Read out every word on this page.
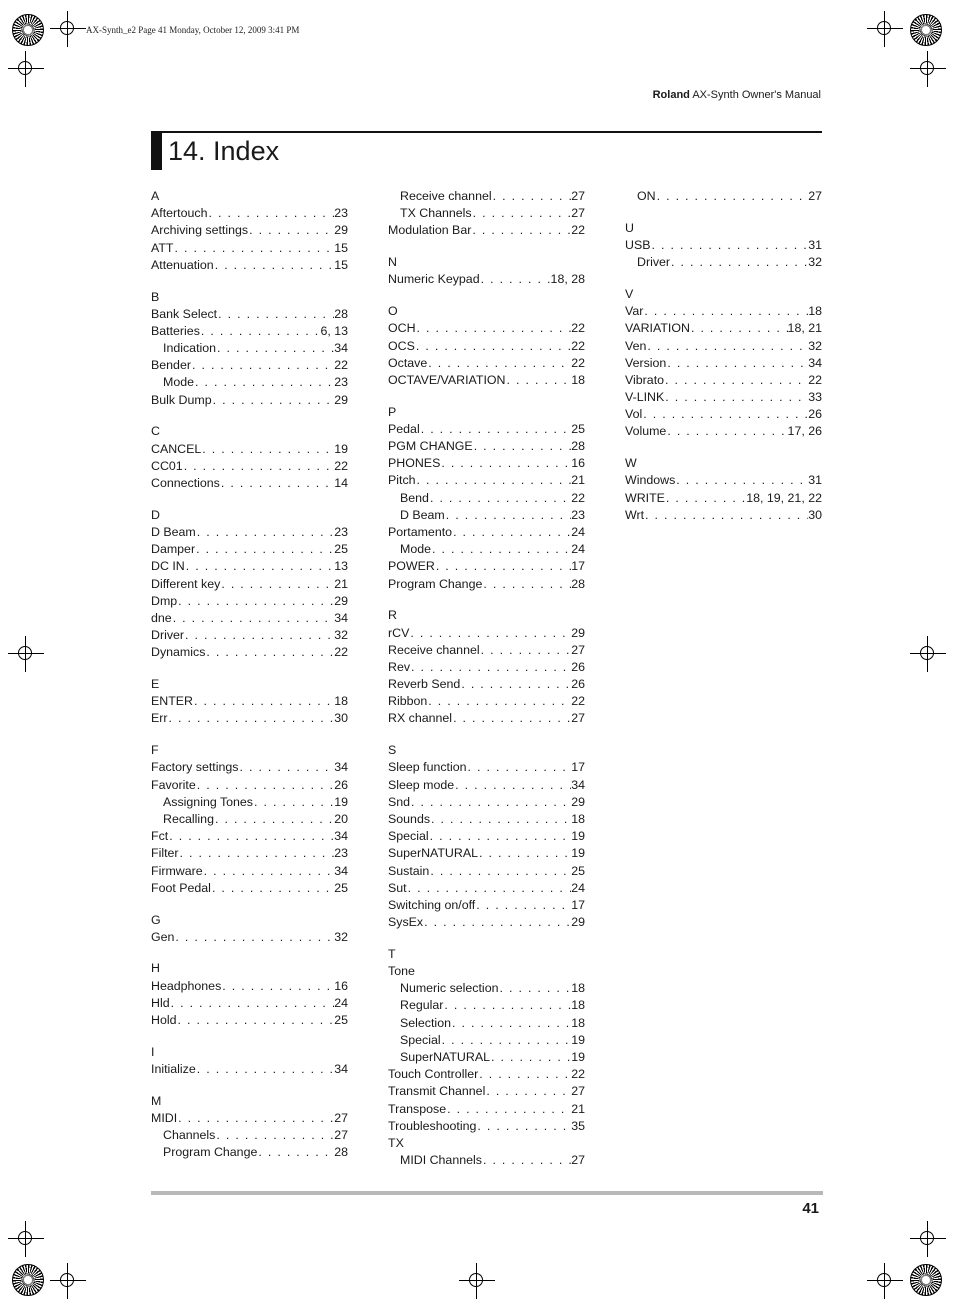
AX-Synth_e2 Page 41 Monday, October 12, 2009 3:41 PM
Roland AX-Synth Owner's Manual
14. Index
A
Aftertouch . . .	23
Archiving settings . . .	29
ATT . . .	15
Attenuation . . .	15
B
Bank Select . . .	28
Batteries . . .	6, 13
Indication . . .	34
Bender . . .	22
Mode . . .	23
Bulk Dump . . .	29
C
CANCEL . . .	19
CC01 . . .	22
Connections . . .	14
D
D Beam . . .	23
Damper . . .	25
DC IN . . .	13
Different key . . .	21
Dmp . . .	29
dne . . .	34
Driver . . .	32
Dynamics . . .	22
E
ENTER . . .	18
Err . . .	30
F
Factory settings . . .	34
Favorite . . .	26
Assigning Tones . . .	19
Recalling . . .	20
Fct . . .	34
Filter . . .	23
Firmware . . .	34
Foot Pedal . . .	25
G
Gen . . .	32
H
Headphones . . .	16
Hld . . .	24
Hold . . .	25
I
Initialize . . .	34
M
MIDI . . .	27
Channels . . .	27
Program Change . . .	28
Receive channel . . .	27
TX Channels . . .	27
Modulation Bar . . .	22
N
Numeric Keypad . . .	18, 28
O
OCH . . .	22
OCS . . .	22
Octave . . .	22
OCTAVE/VARIATION . . .	18
P
Pedal . . .	25
PGM CHANGE . . .	28
PHONES . . .	16
Pitch . . .	21
Bend . . .	22
D Beam . . .	23
Portamento . . .	24
Mode . . .	24
POWER . . .	17
Program Change . . .	28
R
rCV . . .	29
Receive channel . . .	27
Rev . . .	26
Reverb Send . . .	26
Ribbon . . .	22
RX channel . . .	27
S
Sleep function . . .	17
Sleep mode . . .	34
Snd . . .	29
Sounds . . .	18
Special . . .	19
SuperNATURAL . . .	19
Sustain . . .	25
Sut . . .	24
Switching on/off . . .	17
SysEx . . .	29
T
Tone
Numeric selection . . .	18
Regular . . .	18
Selection . . .	18
Special . . .	19
SuperNATURAL . . .	19
Touch Controller . . .	22
Transmit Channel . . .	27
Transpose . . .	21
Troubleshooting . . .	35
TX
MIDI Channels . . .	27
ON . . .	27
U
USB . . .	31
Driver . . .	32
V
Var . . .	18
VARIATION . . .	18, 21
Ven . . .	32
Version . . .	34
Vibrato . . .	22
V-LINK . . .	33
Vol . . .	26
Volume . . .	17, 26
W
Windows . . .	31
WRITE . . .	18, 19, 21, 22
Wrt . . .	30
41
